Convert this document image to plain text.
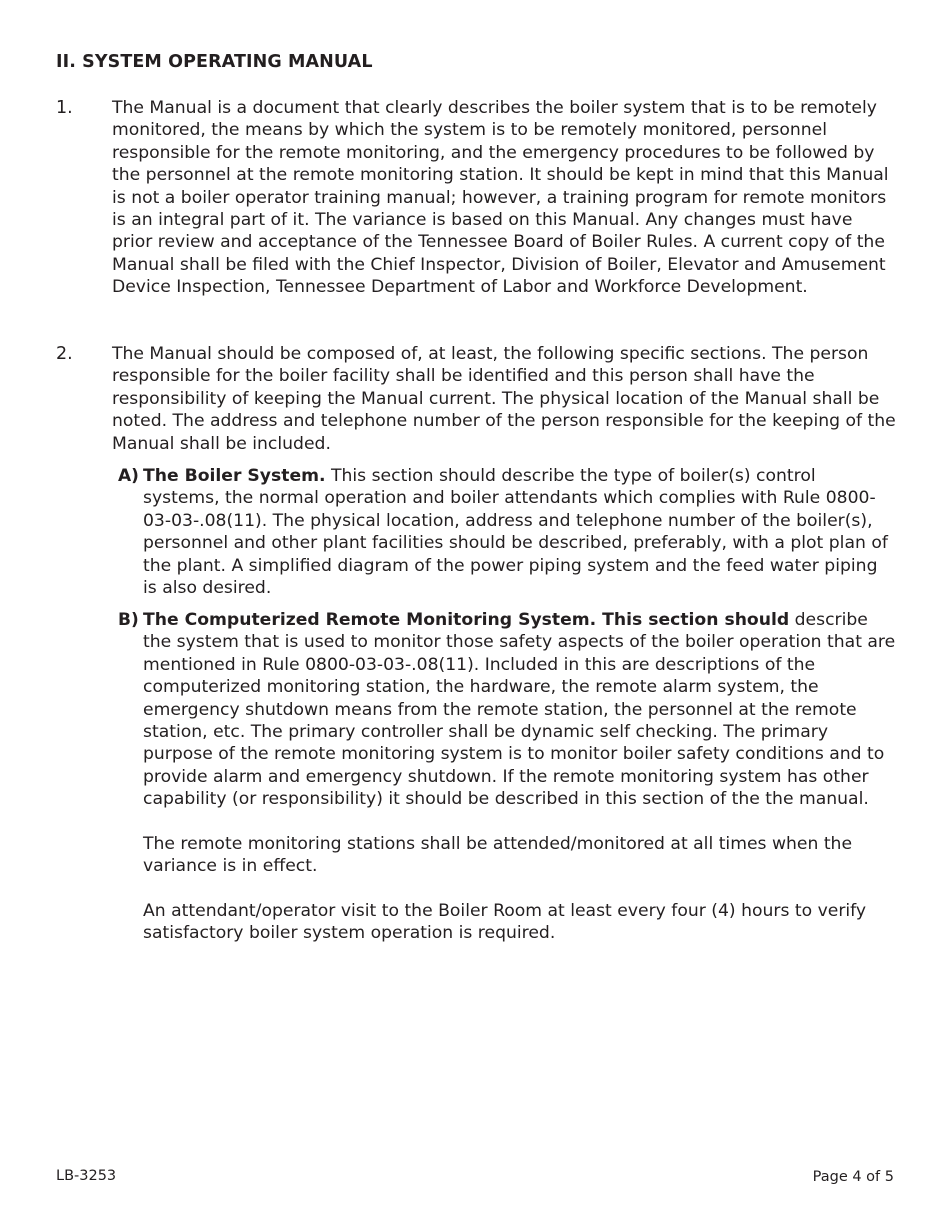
II. SYSTEM OPERATING MANUAL
1. The Manual is a document that clearly describes the boiler system that is to be remotely monitored, the means by which the system is to be remotely monitored, personnel responsible for the remote monitoring, and the emergency procedures to be followed by the personnel at the remote monitoring station. It should be kept in mind that this Manual is not a boiler operator training manual; however, a training program for remote monitors is an integral part of it. The variance is based on this Manual. Any changes must have prior review and acceptance of the Tennessee Board of Boiler Rules. A current copy of the Manual shall be filed with the Chief Inspector, Division of Boiler, Elevator and Amusement Device Inspection, Tennessee Department of Labor and Workforce Development.
2. The Manual should be composed of, at least, the following specific sections. The person responsible for the boiler facility shall be identified and this person shall have the responsibility of keeping the Manual current. The physical location of the Manual shall be noted. The address and telephone number of the person responsible for the keeping of the Manual shall be included.
A) The Boiler System. This section should describe the type of boiler(s) control systems, the normal operation and boiler attendants which complies with Rule 0800-03-03-.08(11). The physical location, address and telephone number of the boiler(s), personnel and other plant facilities should be described, preferably, with a plot plan of the plant. A simplified diagram of the power piping system and the feed water piping is also desired.
B) The Computerized Remote Monitoring System. This section should describe the system that is used to monitor those safety aspects of the boiler operation that are mentioned in Rule 0800-03-03-.08(11). Included in this are descriptions of the computerized monitoring station, the hardware, the remote alarm system, the emergency shutdown means from the remote station, the personnel at the remote station, etc. The primary controller shall be dynamic self checking. The primary purpose of the remote monitoring system is to monitor boiler safety conditions and to provide alarm and emergency shutdown. If the remote monitoring system has other capability (or responsibility) it should be described in this section of the the manual.
The remote monitoring stations shall be attended/monitored at all times when the variance is in effect.
An attendant/operator visit to the Boiler Room at least every four (4) hours to verify satisfactory boiler system operation is required.
LB-3253	Page 4 of 5
